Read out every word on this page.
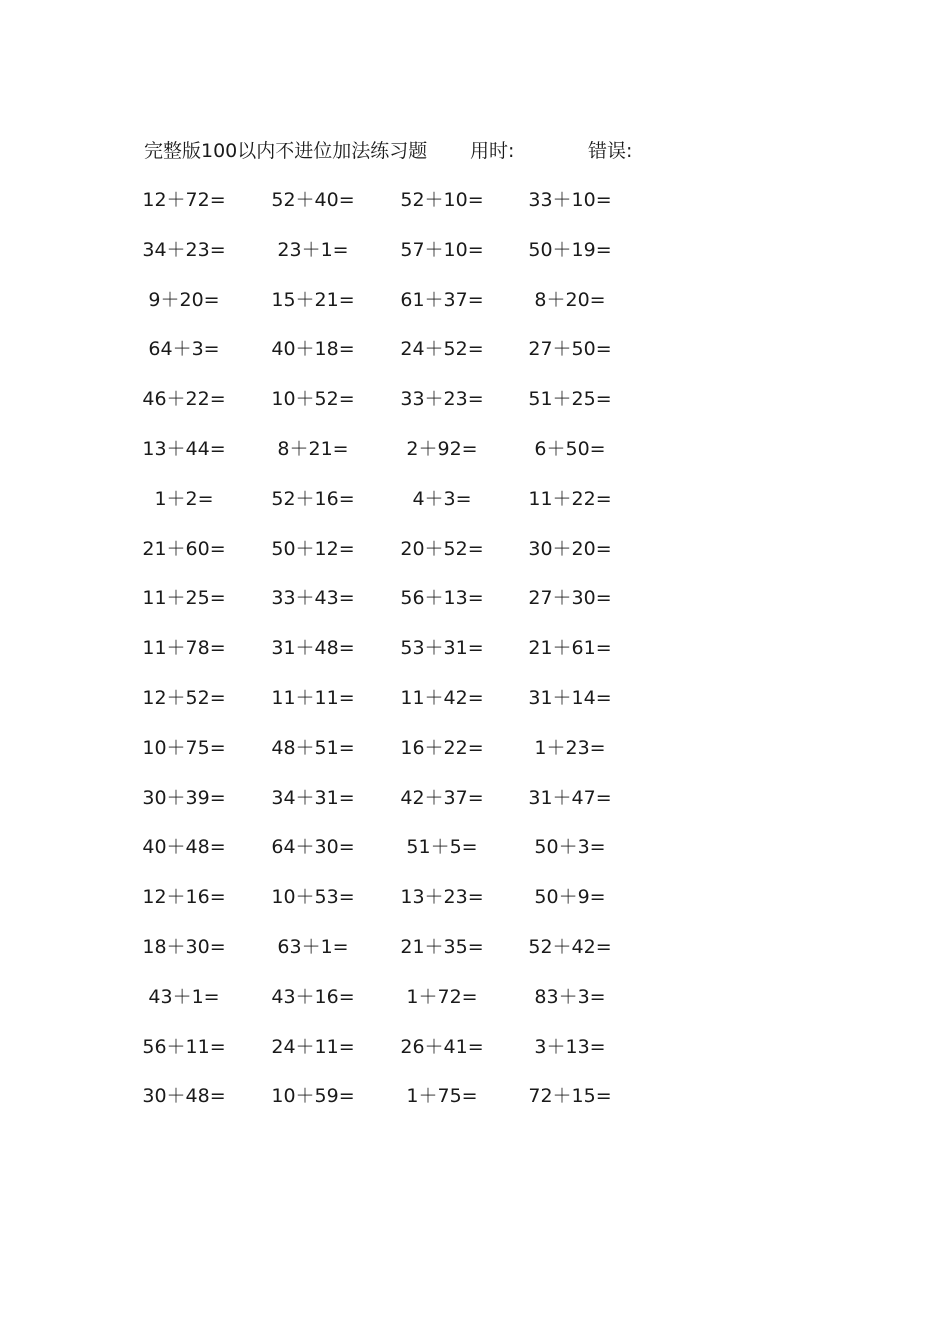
完整版100以内不进位加法练习题 用时:	错误:
12＋72=	52＋40=	52＋10=	33＋10=
34＋23=	23＋1=	57＋10=	50＋19=
9＋20=	15＋21=	61＋37=	8＋20=
64＋3=	40＋18=	24＋52=	27＋50=
46＋22=	10＋52=	33＋23=	51＋25=
13＋44=	8＋21=	2＋92=	6＋50=
1＋2=	52＋16=	4＋3=	11＋22=
21＋60=	50＋12=	20＋52=	30＋20=
11＋25=	33＋43=	56＋13=	27＋30=
11＋78=	31＋48=	53＋31=	21＋61=
12＋52=	11＋11=	11＋42=	31＋14=
10＋75=	48＋51=	16＋22=	1＋23=
30＋39=	34＋31=	42＋37=	31＋47=
40＋48=	64＋30=	51＋5=	50＋3=
12＋16=	10＋53=	13＋23=	50＋9=
18＋30=	63＋1=	21＋35=	52＋42=
43＋1=	43＋16=	1＋72=	83＋3=
56＋11=	24＋11=	26＋41=	3＋13=
30＋48=	10＋59=	1＋75=	72＋15=
